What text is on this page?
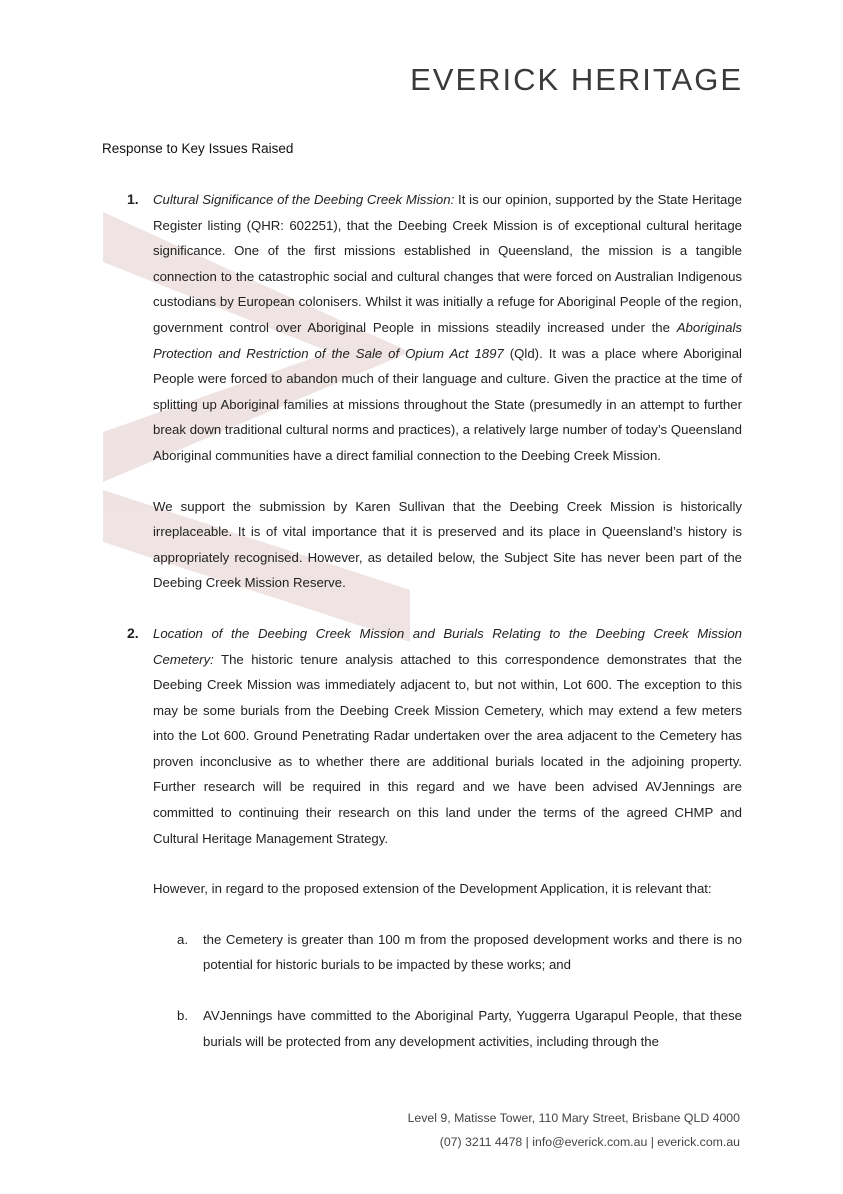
EVERICK HERITAGE
Response to Key Issues Raised
1.	Cultural Significance of the Deebing Creek Mission: It is our opinion, supported by the State Heritage Register listing (QHR: 602251), that the Deebing Creek Mission is of exceptional cultural heritage significance. One of the first missions established in Queensland, the mission is a tangible connection to the catastrophic social and cultural changes that were forced on Australian Indigenous custodians by European colonisers. Whilst it was initially a refuge for Aboriginal People of the region, government control over Aboriginal People in missions steadily increased under the Aboriginals Protection and Restriction of the Sale of Opium Act 1897 (Qld). It was a place where Aboriginal People were forced to abandon much of their language and culture. Given the practice at the time of splitting up Aboriginal families at missions throughout the State (presumedly in an attempt to further break down traditional cultural norms and practices), a relatively large number of today’s Queensland Aboriginal communities have a direct familial connection to the Deebing Creek Mission.

We support the submission by Karen Sullivan that the Deebing Creek Mission is historically irreplaceable. It is of vital importance that it is preserved and its place in Queensland’s history is appropriately recognised. However, as detailed below, the Subject Site has never been part of the Deebing Creek Mission Reserve.

2.	Location of the Deebing Creek Mission and Burials Relating to the Deebing Creek Mission Cemetery: The historic tenure analysis attached to this correspondence demonstrates that the Deebing Creek Mission was immediately adjacent to, but not within, Lot 600. The exception to this may be some burials from the Deebing Creek Mission Cemetery, which may extend a few meters into the Lot 600. Ground Penetrating Radar undertaken over the area adjacent to the Cemetery has proven inconclusive as to whether there are additional burials located in the adjoining property. Further research will be required in this regard and we have been advised AVJennings are committed to continuing their research on this land under the terms of the agreed CHMP and Cultural Heritage Management Strategy.

However, in regard to the proposed extension of the Development Application, it is relevant that:

a.	the Cemetery is greater than 100 m from the proposed development works and there is no potential for historic burials to be impacted by these works; and
b.	AVJennings have committed to the Aboriginal Party, Yuggerra Ugarapul People, that these burials will be protected from any development activities, including through the
Level 9, Matisse Tower, 110 Mary Street, Brisbane QLD 4000
(07) 3211 4478 | info@everick.com.au | everick.com.au
